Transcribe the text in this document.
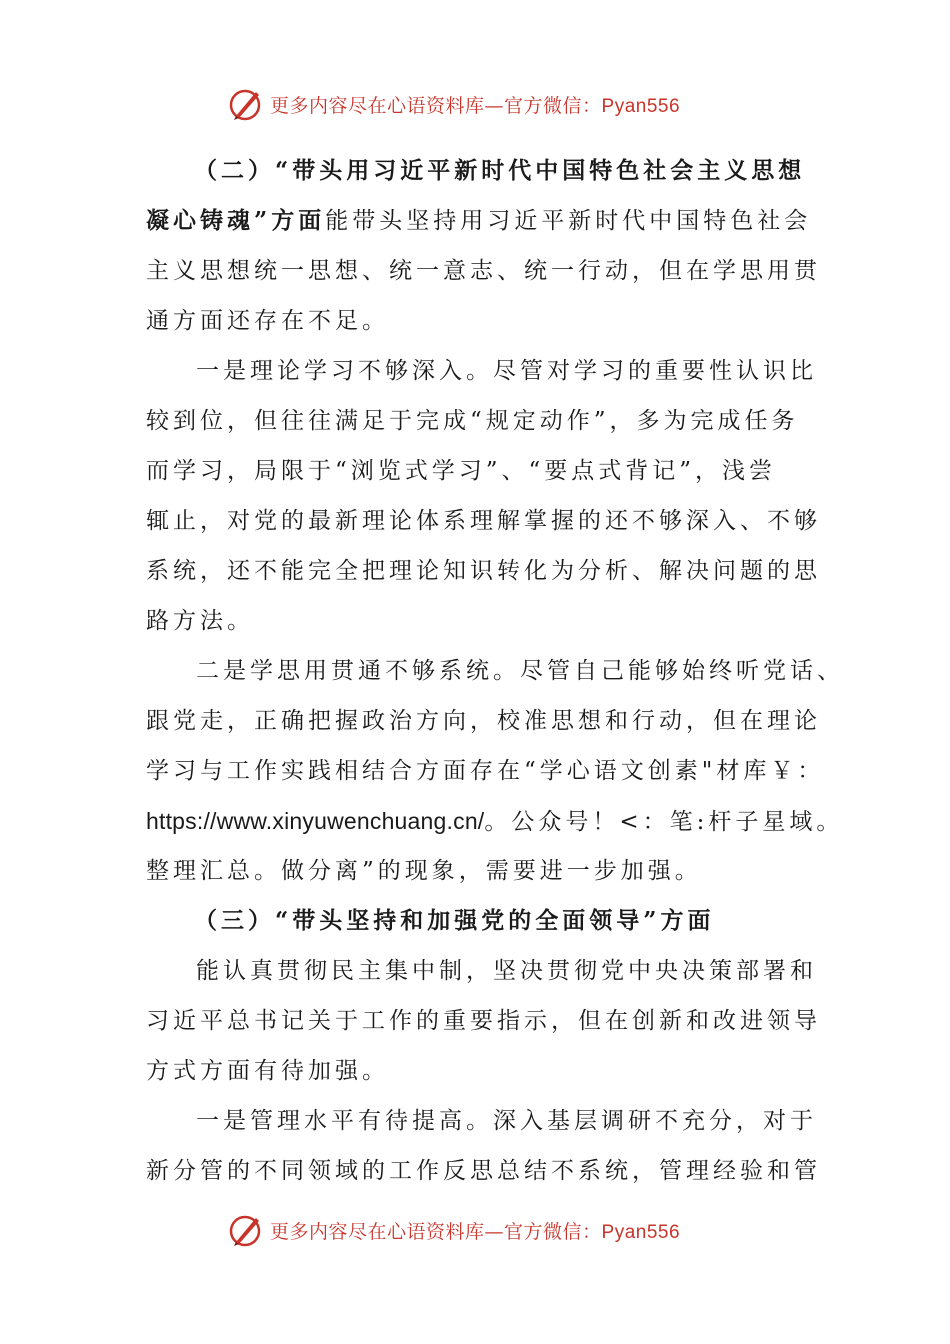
更多内容尽在心语资料库—官方微信：Pyan556
（二）“带头用习近平新时代中国特色社会主义思想
凝心铸魂”方面能带头坚持用习近平新时代中国特色社会
主义思想统一思想、统一意志、统一行动，但在学思用贯
通方面还存在不足。
一是理论学习不够深入。尽管对学习的重要性认识比
较到位，但往往满足于完成“规定动作”，多为完成任务
而学习，局限于“浏览式学习”、“要点式背记”，浅尝
辄止，对党的最新理论体系理解掌握的还不够深入、不够
系统，还不能完全把理论知识转化为分析、解决问题的思
路方法。
二是学思用贯通不够系统。尽管自己能够始终听党话、
跟党走，正确把握政治方向，校准思想和行动，但在理论
学习与工作实践相结合方面存在“学心语文创素"材库￥：
https://www.xinyuwenchuang.cn/。公众号！<：笔:杆子星域。
整理汇总。做分离”的现象，需要进一步加强。
（三）“带头坚持和加强党的全面领导”方面
能认真贯彻民主集中制，坚决贯彻党中央决策部署和
习近平总书记关于工作的重要指示，但在创新和改进领导
方式方面有待加强。
一是管理水平有待提高。深入基层调研不充分，对于
新分管的不同领域的工作反思总结不系统，管理经验和管
更多内容尽在心语资料库—官方微信：Pyan556
